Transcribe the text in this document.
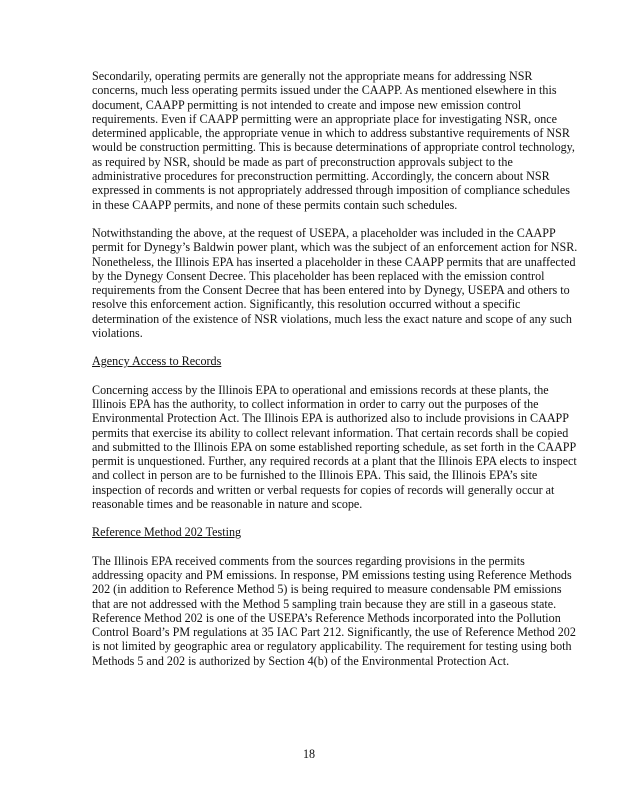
Secondarily, operating permits are generally not the appropriate means for addressing NSR concerns, much less operating permits issued under the CAAPP. As mentioned elsewhere in this document, CAAPP permitting is not intended to create and impose new emission control requirements. Even if CAAPP permitting were an appropriate place for investigating NSR, once determined applicable, the appropriate venue in which to address substantive requirements of NSR would be construction permitting. This is because determinations of appropriate control technology, as required by NSR, should be made as part of preconstruction approvals subject to the administrative procedures for preconstruction permitting. Accordingly, the concern about NSR expressed in comments is not appropriately addressed through imposition of compliance schedules in these CAAPP permits, and none of these permits contain such schedules.

Notwithstanding the above, at the request of USEPA, a placeholder was included in the CAAPP permit for Dynegy’s Baldwin power plant, which was the subject of an enforcement action for NSR. Nonetheless, the Illinois EPA has inserted a placeholder in these CAAPP permits that are unaffected by the Dynegy Consent Decree. This placeholder has been replaced with the emission control requirements from the Consent Decree that has been entered into by Dynegy, USEPA and others to resolve this enforcement action. Significantly, this resolution occurred without a specific determination of the existence of NSR violations, much less the exact nature and scope of any such violations.

Agency Access to Records

Concerning access by the Illinois EPA to operational and emissions records at these plants, the Illinois EPA has the authority, to collect information in order to carry out the purposes of the Environmental Protection Act. The Illinois EPA is authorized also to include provisions in CAAPP permits that exercise its ability to collect relevant information. That certain records shall be copied and submitted to the Illinois EPA on some established reporting schedule, as set forth in the CAAPP permit is unquestioned. Further, any required records at a plant that the Illinois EPA elects to inspect and collect in person are to be furnished to the Illinois EPA. This said, the Illinois EPA’s site inspection of records and written or verbal requests for copies of records will generally occur at reasonable times and be reasonable in nature and scope.

Reference Method 202 Testing

The Illinois EPA received comments from the sources regarding provisions in the permits addressing opacity and PM emissions. In response, PM emissions testing using Reference Methods 202 (in addition to Reference Method 5) is being required to measure condensable PM emissions that are not addressed with the Method 5 sampling train because they are still in a gaseous state. Reference Method 202 is one of the USEPA’s Reference Methods incorporated into the Pollution Control Board’s PM regulations at 35 IAC Part 212. Significantly, the use of Reference Method 202 is not limited by geographic area or regulatory applicability. The requirement for testing using both Methods 5 and 202 is authorized by Section 4(b) of the Environmental Protection Act.

18
